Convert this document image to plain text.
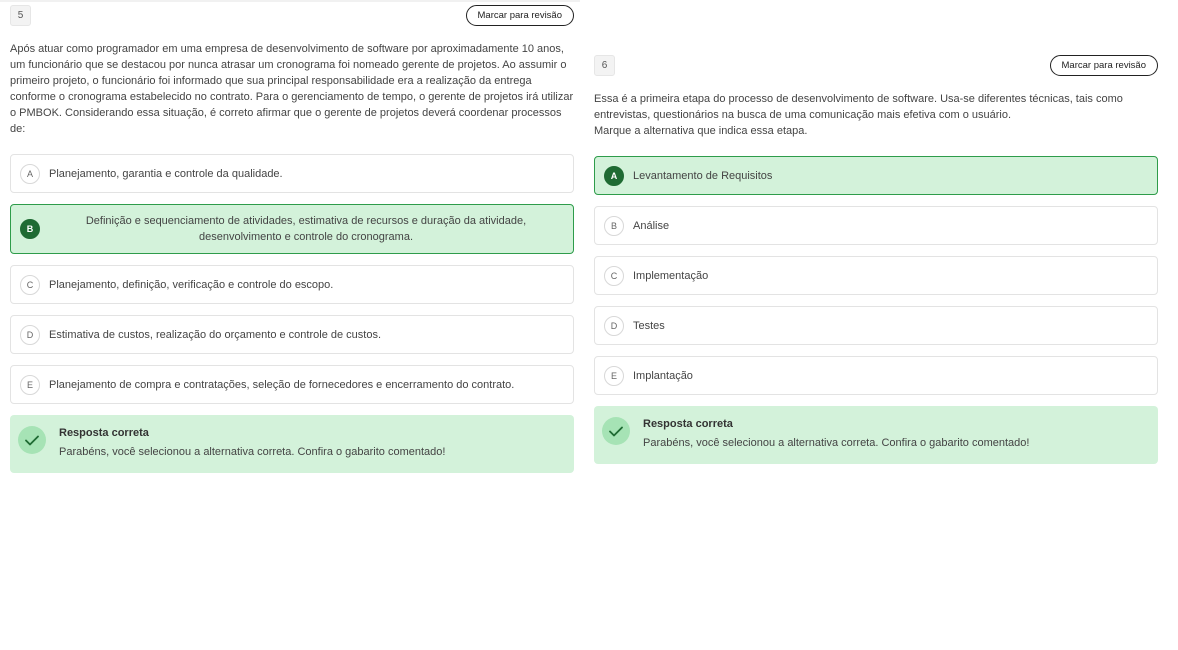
5	Marcar para revisão

Após atuar como programador em uma empresa de desenvolvimento de software por aproximadamente 10 anos, um funcionário que se destacou por nunca atrasar um cronograma foi nomeado gerente de projetos. Ao assumir o primeiro projeto, o funcionário foi informado que sua principal responsabilidade era a realização da entrega conforme o cronograma estabelecido no contrato. Para o gerenciamento de tempo, o gerente de projetos irá utilizar o PMBOK. Considerando essa situação, é correto afirmar que o gerente de projetos deverá coordenar processos de:

A	Planejamento, garantia e controle da qualidade.
B
Definição e sequenciamento de atividades, estimativa de recursos e duração da atividade, desenvolvimento e controle do cronograma.
C	Planejamento, definição, verificação e controle do escopo.
D	Estimativa de custos, realização do orçamento e controle de custos.
E	Planejamento de compra e contratações, seleção de fornecedores e encerramento do contrato.
Resposta correta
Parabéns, você selecionou a alternativa correta. Confira o gabarito comentado!
6	Marcar para revisão

Essa é a primeira etapa do processo de desenvolvimento de software. Usa-se diferentes técnicas, tais como entrevistas, questionários na busca de uma comunicação mais efetiva com o usuário.

Marque a alternativa que indica essa etapa.

A	Levantamento de Requisitos
B	Análise
C	Implementação
D	Testes
E	Implantação
Resposta correta
Parabéns, você selecionou a alternativa correta. Confira o gabarito comentado!
